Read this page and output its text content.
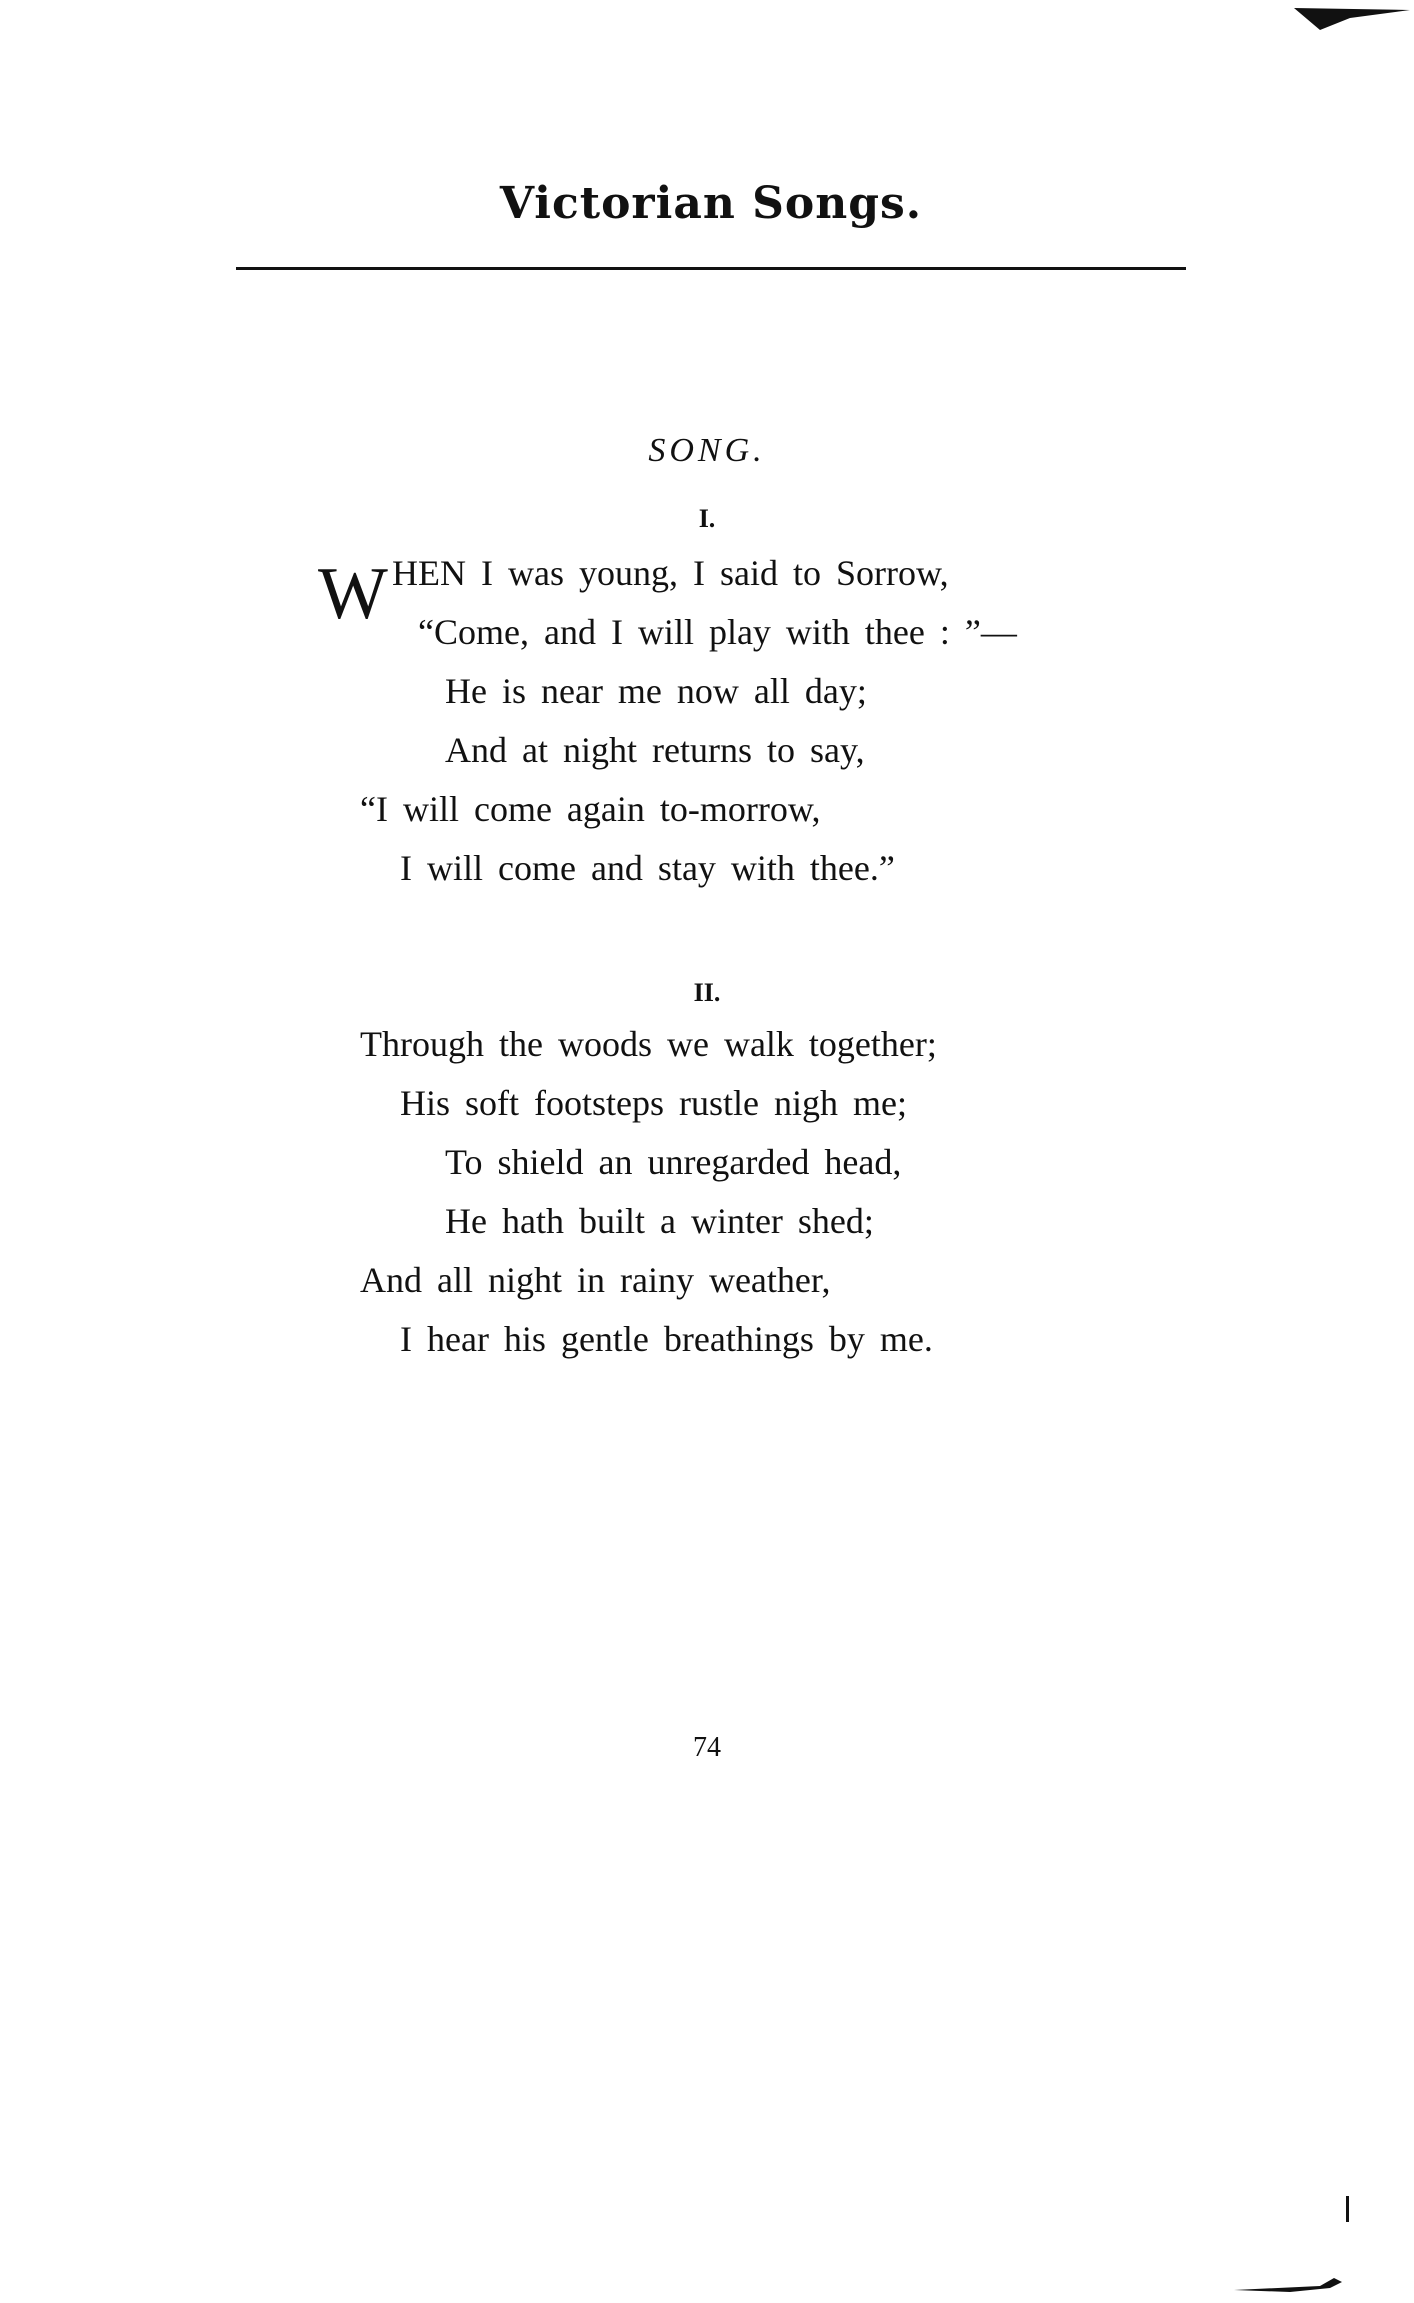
Victorian Songs.
SONG.
I.
W HEN I was young, I said to Sorrow,
“Come, and I will play with thee : ”—
He is near me now all day;
And at night returns to say,
“I will come again to-morrow,
I will come and stay with thee.”
II.
Through the woods we walk together;
His soft footsteps rustle nigh me;
To shield an unregarded head,
He hath built a winter shed;
And all night in rainy weather,
I hear his gentle breathings by me.
74
